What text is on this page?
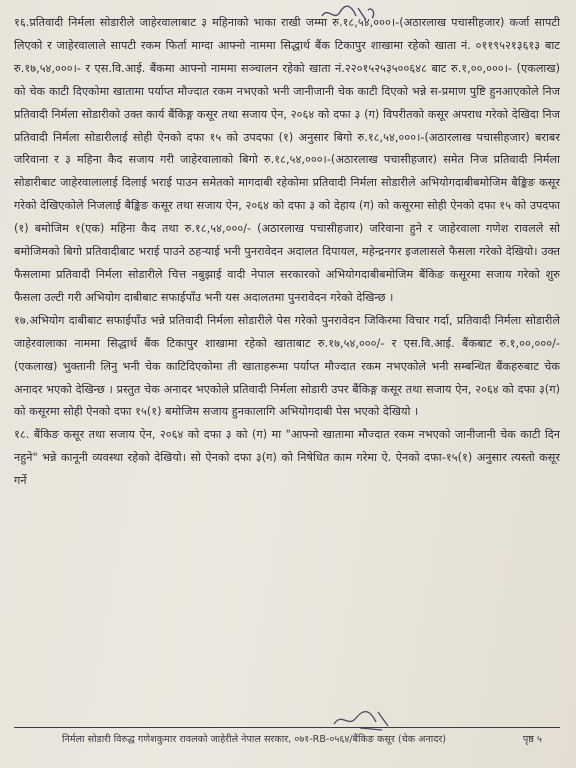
१६.प्रतिवादी निर्मला सोडारीले जाहेरवालाबाट ३ महिनाको भाका राखी जम्मा रु.१८,५४,०००।-(अठारलाख पचासीहजार) कर्जा सापटी लिएको र जाहेरवालाले सापटी रकम फिर्ता माग्दा आफ्नो नाममा सिद्धार्थ बैंक टिकापुर शाखामा रहेको खाता नं. ०११९५२१३६१३ बाट रु.१७,५४,०००।- र एस.वि.आई. बैंकमा आफ्नो नाममा सञ्चालन रहेको खाता नं.२२०१५२५३५००६४८ बाट रु.१,००,०००।- (एकलाख) को चेक काटी दिएकोमा खातामा पर्याप्त मौज्दात रकम नभएको भनी जानीजानी चेक काटी दिएको भन्ने स-प्रमाण पुष्टि हुनआएकोले निज प्रतिवादी निर्मला सोडारीको उक्त कार्य बैंकिङ्ग कसूर तथा सजाय ऐन, २०६४ को दफा ३ (ग) विपरीतको कसूर अपराध गरेको देखिदा निज प्रतिवादी निर्मला सोडारीलाई सोही ऐनको दफा १५ को उपदफा (१) अनुसार बिगो रु.१८,५४,०००।-(अठारलाख पचासीहजार) बराबर जरिवाना र ३ महिना कैद सजाय गरी जाहेरवालाको बिगो रु.१८,५४,०००।-(अठारलाख पचासीहजार) समेत निज प्रतिवादी निर्मला सोडारीबाट जाहेरवालालाई दिलाई भराई पाउन समेतको मागदाबी रहेकोमा प्रतिवादी निर्मला सोडारीले अभियोगदाबीबमोजिम बैङ्किङ कसूर गरेको देखिएकोले निजलाई बैङ्किङ कसूर तथा सजाय ऐन, २०६४ को दफा ३ को देहाय (ग) को कसूरमा सोही ऐनको दफा १५ को उपदफा (१) बमोजिम १(एक) महिना कैद तथा रु.१८,५४,०००/- (अठारलाख पचासीहजार) जरिवाना हुने र जाहेरवाला गणेश रावलले सो बमोजिमको बिगो प्रतिवादीबाट भराई पाउने ठहर्‍याई भनी पुनरावेदन अदालत दिपायल, महेन्द्रनगर इजलासले फैसला गरेको देखियो। उक्त फैसलामा प्रतिवादी निर्मला सोडारीले चित्त नबुझाई वादी नेपाल सरकारको अभियोगदाबीबमोजिम बैंकिङ कसूरमा सजाय गरेको शुरु फैसला उल्टी गरी अभियोग दाबीबाट सफाईपाँउ भनी यस अदालतमा पुनरावेदन गरेको देखिन्छ ।

१७.अभियोग दाबीबाट सफाईपाँउ भन्ने प्रतिवादी निर्मला सोडारीले पेस गरेको पुनरावेदन जिकिरमा विचार गर्दा, प्रतिवादी निर्मला सोडारीले जाहेरवालाका नाममा सिद्धार्थ बैंक टिकापुर शाखामा रहेको खाताबाट रु.१७,५४,०००/- र एस.वि.आई. बैंकबाट रु.१,००,०००/- (एकलाख) भुक्तानी लिनु भनी चेक काटिदिएकोमा ती खाताहरूमा पर्याप्त मौज्दात रकम नभएकोले भनी सम्बन्धित बैंकहरुबाट चेक अनादर भएको देखिन्छ । प्रस्तुत चेक अनादर भएकोले प्रतिवादी निर्मला सोडारी उपर बैंकिङ्ग कसूर तथा सजाय ऐन, २०६४ को दफा ३(ग) को कसूरमा सोही ऐनको दफा १५(१) बमोजिम सजाय हुनकालागि अभियोगदाबी पेस भएको देखियो ।

१८. बैंकिङ कसूर तथा सजाय ऐन, २०६४ को दफा ३ को (ग) मा "आफ्नो खातामा मौज्दात रकम नभएको जानीजानी चेक काटी दिन नहुने" भन्ने कानूनी व्यवस्था रहेको देखियो। सो ऐनको दफा ३(ग) को निषेधित काम गरेमा ऐ. ऐनको दफा-१५(१) अनुसार त्यस्तो कसूर गर्ने

निर्मला सोडारी विरुद्ध गणेशकुमार रावलको जाहेरीले नेपाल सरकार, ०७१-RB-०५६४/बैंकिङ कसूर (चेक अनादर)	पृष्ठ ५
